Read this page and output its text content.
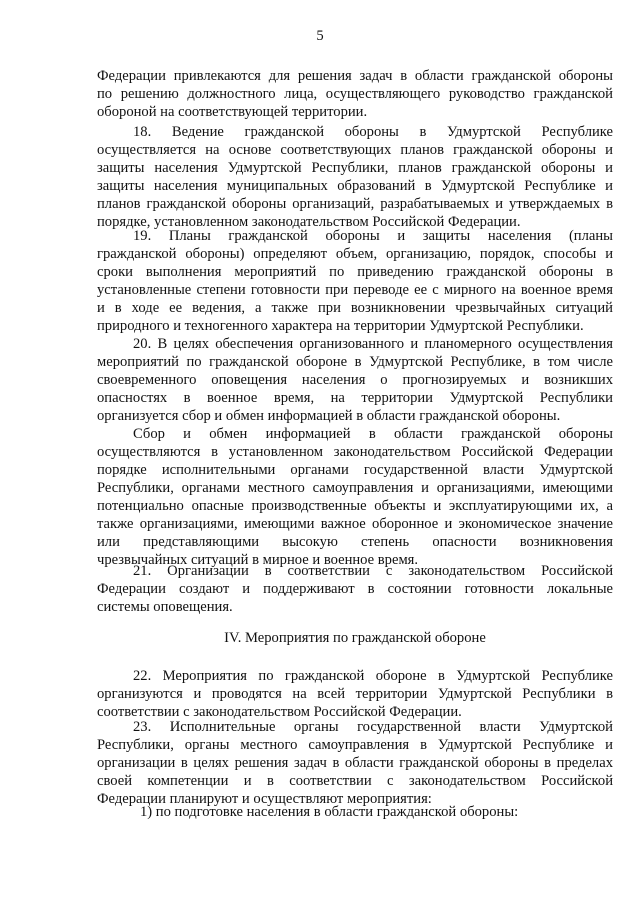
5

Федерации привлекаются для решения задач в области гражданской обороны

по решению должностного лица, осуществляющего руководство гражданской

обороной на соответствующей территории.

18. Ведение гражданской обороны в Удмуртской Республике

осуществляется на основе соответствующих планов гражданской обороны и

защиты населения Удмуртской Республики, планов гражданской обороны и

защиты населения муниципальных образований в Удмуртской Республике и

планов гражданской обороны организаций, разрабатываемых и утверждаемых в

порядке, установленном законодательством Российской Федерации.

19. Планы гражданской обороны и защиты населения (планы

гражданской обороны) определяют объем, организацию, порядок, способы и

сроки выполнения мероприятий по приведению гражданской обороны в

установленные степени готовности при переводе ее с мирного на военное время

и в ходе ее ведения, а также при возникновении чрезвычайных ситуаций

природного и техногенного характера на территории Удмуртской Республики.

20. В целях обеспечения организованного и планомерного осуществления

мероприятий по гражданской обороне в Удмуртской Республике, в том числе

своевременного оповещения населения о прогнозируемых и возникших

опасностях в военное время, на территории Удмуртской Республики

организуется сбор и обмен информацией в области гражданской обороны.

Сбор и обмен информацией в области гражданской обороны

осуществляются в установленном законодательством Российской Федерации

порядке исполнительными органами государственной власти Удмуртской

Республики, органами местного самоуправления и организациями, имеющими

потенциально опасные производственные объекты и эксплуатирующими их, а

также организациями, имеющими важное оборонное и экономическое значение

или представляющими высокую степень опасности возникновения

чрезвычайных ситуаций в мирное и военное время.

21. Организации в соответствии с законодательством Российской

Федерации создают и поддерживают в состоянии готовности локальные

системы оповещения.

IV. Мероприятия по гражданской обороне

22. Мероприятия по гражданской обороне в Удмуртской Республике

организуются и проводятся на всей территории Удмуртской Республики в

соответствии с законодательством Российской Федерации.

23. Исполнительные органы государственной власти Удмуртской

Республики, органы местного самоуправления в Удмуртской Республике и

организации в целях решения задач в области гражданской обороны в пределах

своей компетенции и в соответствии с законодательством Российской

Федерации планируют и осуществляют мероприятия:

1) по подготовке населения в области гражданской обороны:
